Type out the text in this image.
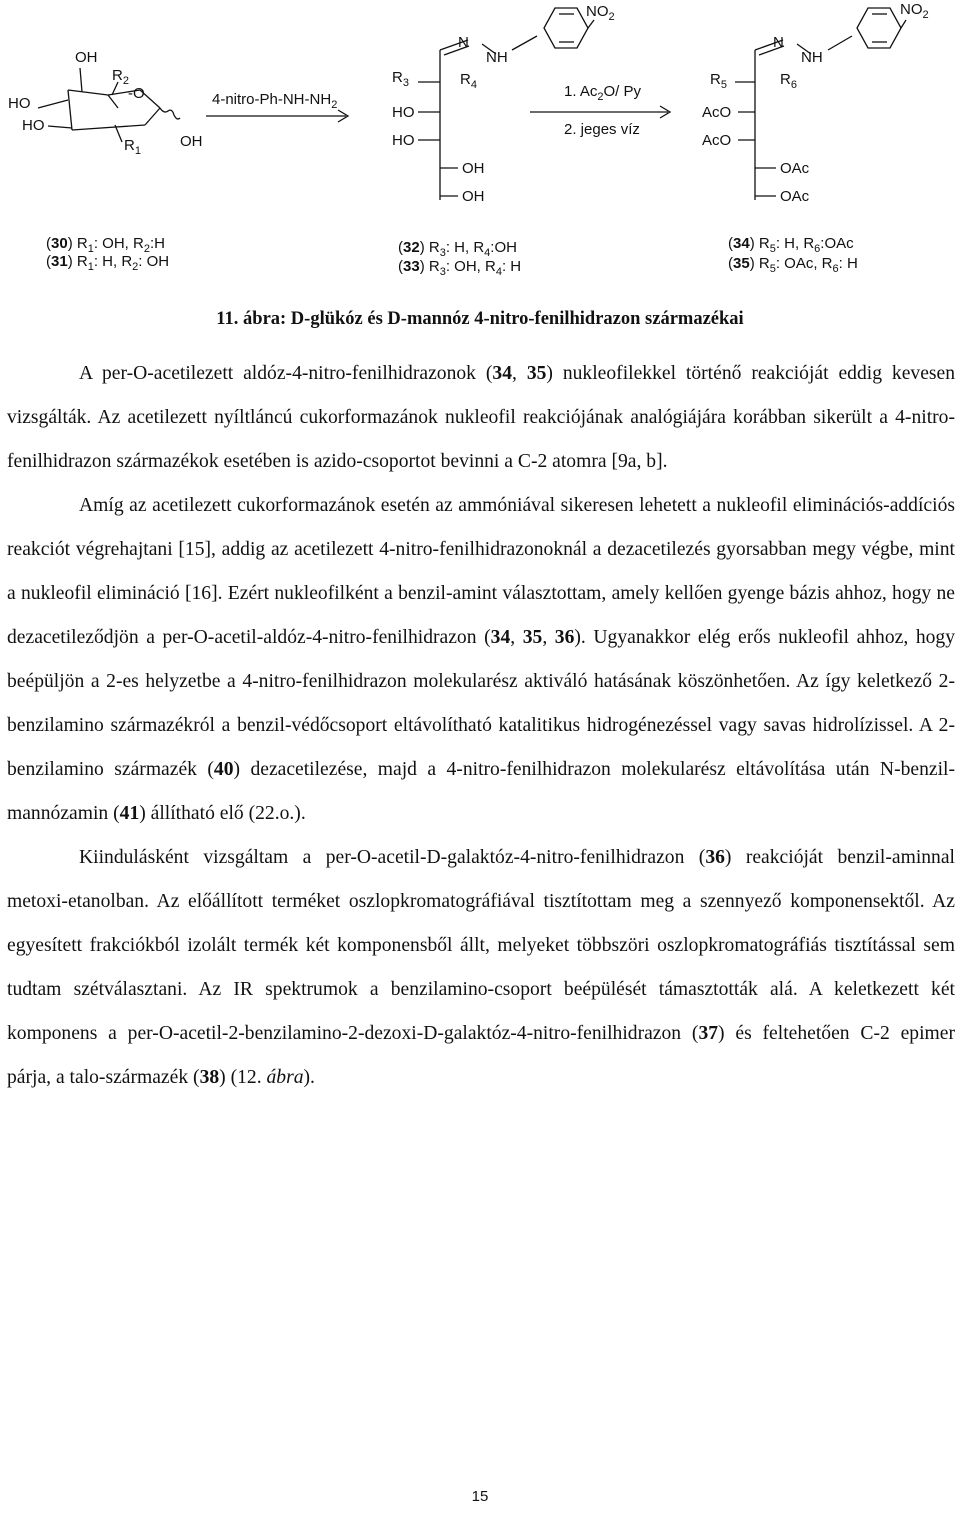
OH
$R_2$
-O
HO
HO
$R_1$
OH
$4-nitro-Ph-NH-NH_2$
N
NH
$NO_2$
$R_3$	$R_4$
HO
HO
OH
OH
1. $Ac_2O/$ Py
2. jeges víz
N
NH
$NO_2$
$R_5$	$R_6$
AcO
AcO
OAc
OAc
(30) $R_1$: OH, $R_2:H$
(31) $R_1$: H, $R_2$: OH
(32) $R_3$: H, $R_4:OH$
(33) $R_3$: OH, $R_4$: H
(34) $R_5$: H, $R_6:OAc$
(35) $R_5$: OAc, $R_6$: H

11. ábra: D-glükóz és D-mannóz 4-nitro-fenilhidrazon származékai

A per-O-acetilezett aldóz-4-nitro-fenilhidrazonok (34, 35) nukleofilekkel történő reakcióját eddig kevesen vizsgálták. Az acetilezett nyíltláncú cukorformazánok nukleofil reakciójának analógiájára korábban sikerült a 4-nitro-fenilhidrazon származékok esetében is azido-csoportot bevinni a C-2 atomra [9a, b].

Amíg az acetilezett cukorformazánok esetén az ammóniával sikeresen lehetett a nukleofil eliminációs-addíciós reakciót végrehajtani [15], addig az acetilezett 4-nitro-fenilhidrazonoknál a dezacetilezés gyorsabban megy végbe, mint a nukleofil elimináció [16]. Ezért nukleofilként a benzil-amint választottam, amely kellően gyenge bázis ahhoz, hogy ne dezacetileződjön a per-O-acetil-aldóz-4-nitro-fenilhidrazon (34, 35, 36). Ugyanakkor elég erős nukleofil ahhoz, hogy beépüljön a 2-es helyzetbe a 4-nitro-fenilhidrazon molekularész aktiváló hatásának köszönhetően. Az így keletkező 2-benzilamino származékról a benzil-védőcsoport eltávolítható katalitikus hidrogénezéssel vagy savas hidrolízissel. A 2-benzilamino származék (40) dezacetilezése, majd a 4-nitro-fenilhidrazon molekularész eltávolítása után N-benzil-mannózamin (41) állítható elő (22.o.).

Kiindulásként vizsgáltam a per-O-acetil-D-galaktóz-4-nitro-fenilhidrazon (36) reakcióját benzil-aminnal metoxi-etanolban. Az előállított terméket oszlopkromatográfiával tisztítottam meg a szennyező komponensektől. Az egyesített frakciókból izolált termék két komponensből állt, melyeket többszöri oszlopkromatográfiás tisztítással sem tudtam szétválasztani. Az IR spektrumok a benzilamino-csoport beépülését támasztották alá. A keletkezett két komponens a per-O-acetil-2-benzilamino-2-dezoxi-D-galaktóz-4-nitro-fenilhidrazon (37) és feltehetően C-2 epimer párja, a talo-származék (38) (12. ábra).

15
